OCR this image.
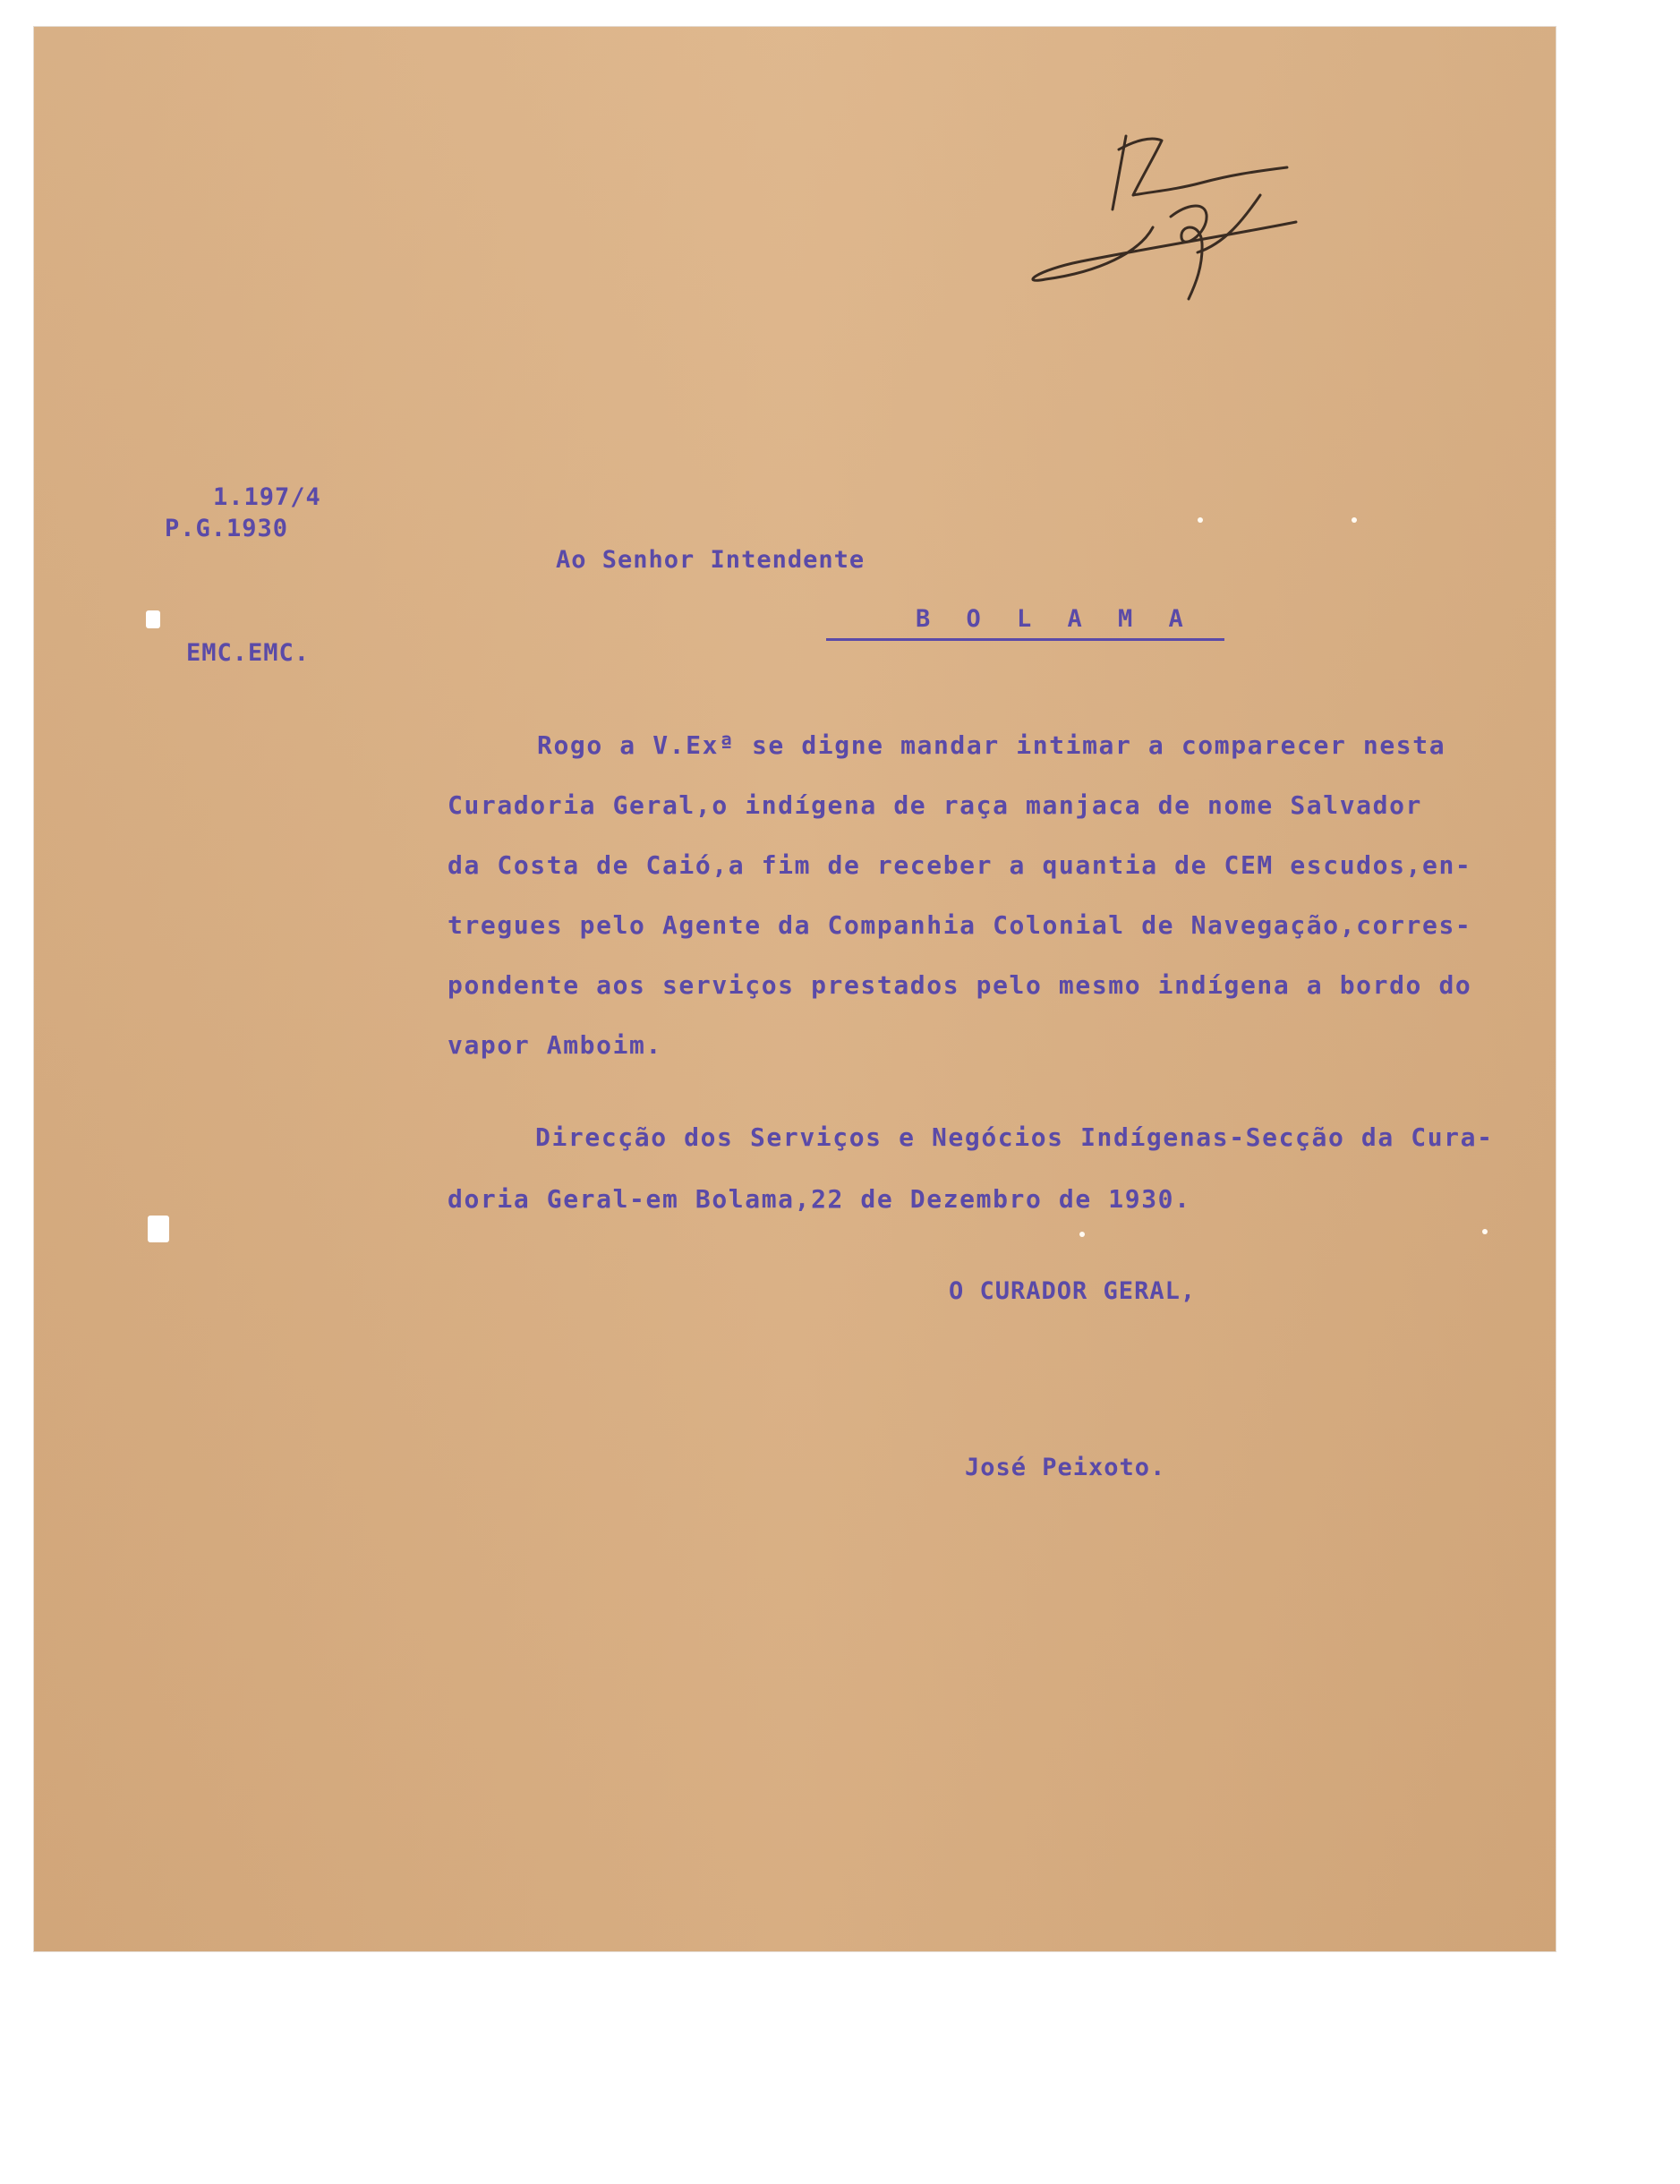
1.197/4

P.G.1930

EMC.EMC.

Ao Senhor Intendente

B O L A M A

Rogo a V.Exª se digne mandar intimar a comparecer nesta

Curadoria Geral,o indígena de raça manjaca de nome Salvador

da Costa de Caió,a fim de receber a quantia de CEM escudos,en-

tregues pelo Agente da Companhia Colonial de Navegação,corres-

pondente aos serviços prestados pelo mesmo indígena a bordo do

vapor Amboim.

Direcção dos Serviços e Negócios Indígenas-Secção da Cura-

doria Geral-em Bolama,22 de Dezembro de 1930.

O CURADOR GERAL,

José Peixoto.
